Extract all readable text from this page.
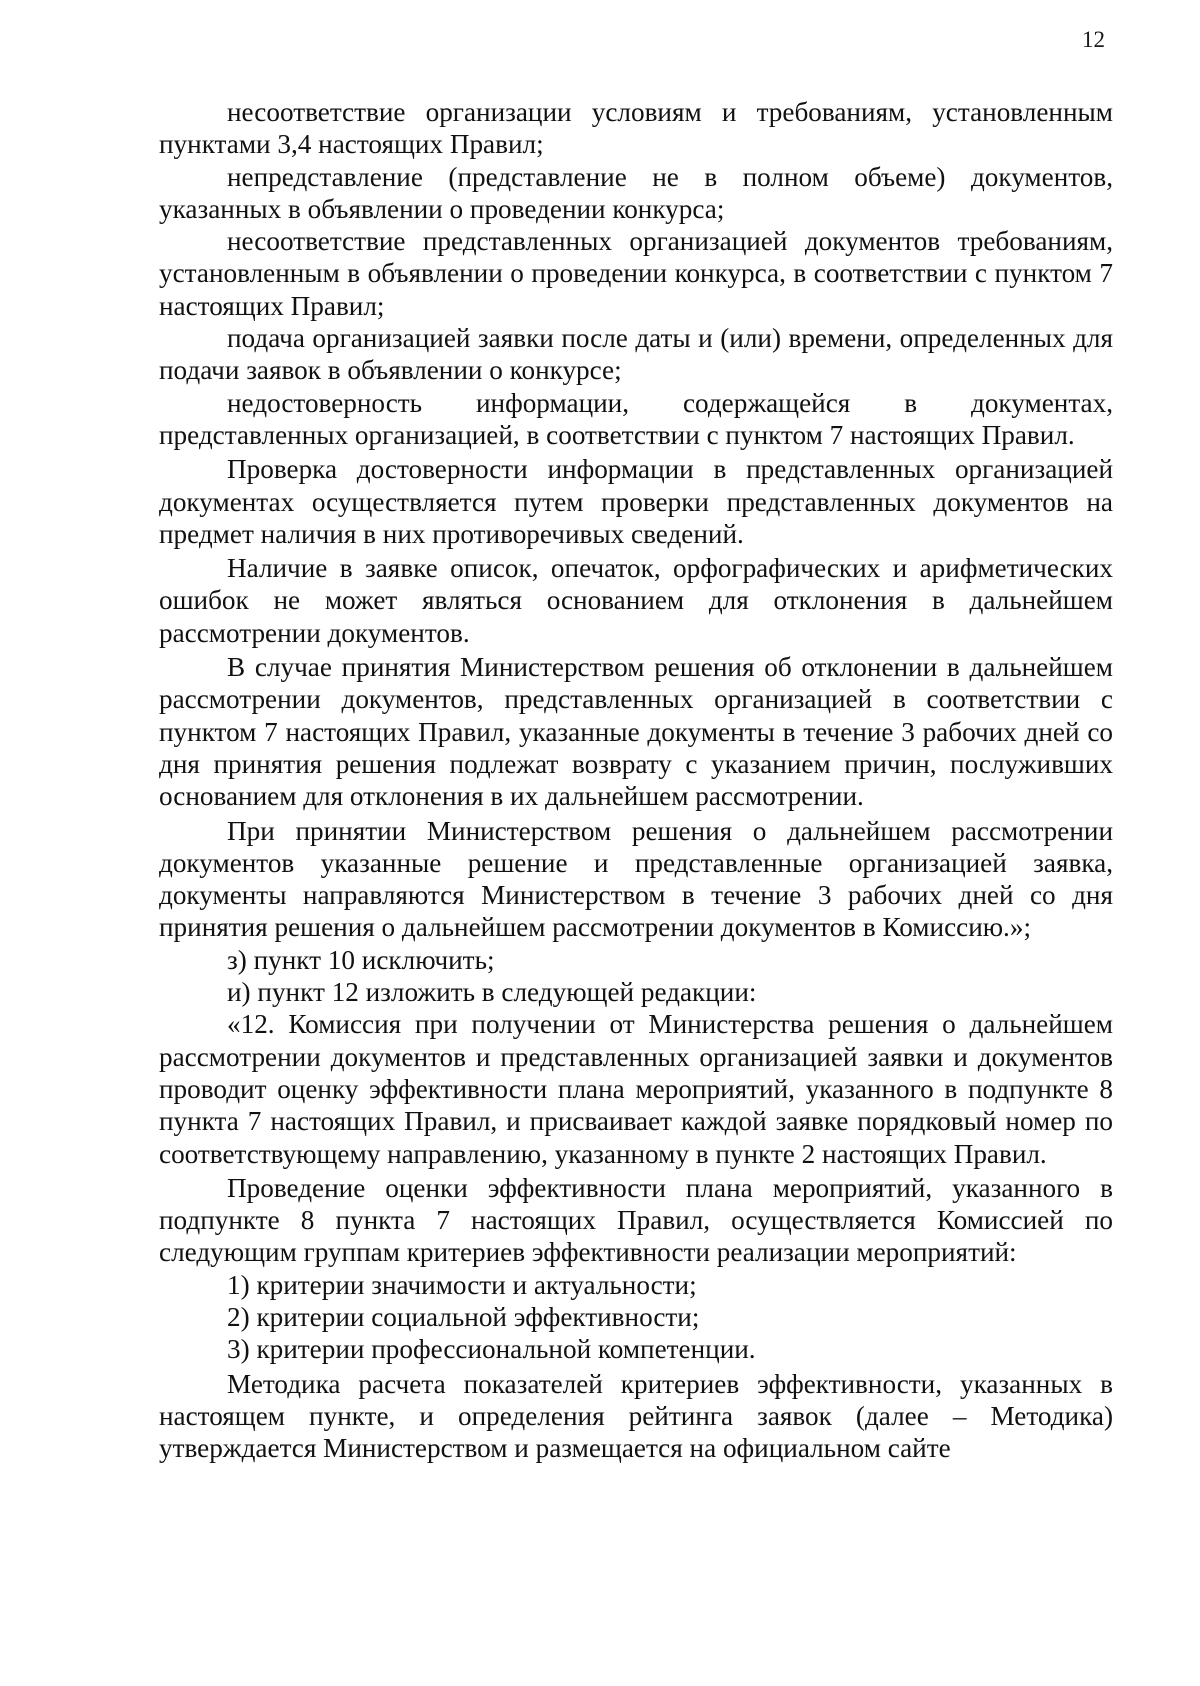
12

несоответствие организации условиям и требованиям, установленным пунктами 3,4 настоящих Правил;

непредставление (представление не в полном объеме) документов, указанных в объявлении о проведении конкурса;

несоответствие представленных организацией документов требованиям, установленным в объявлении о проведении конкурса, в соответствии с пунктом 7 настоящих Правил;

подача организацией заявки после даты и (или) времени, определенных для подачи заявок в объявлении о конкурсе;

недостоверность информации, содержащейся в документах, представленных организацией, в соответствии с пунктом 7 настоящих Правил.

Проверка достоверности информации в представленных организацией документах осуществляется путем проверки представленных документов на предмет наличия в них противоречивых сведений.

Наличие в заявке описок, опечаток, орфографических и арифметических ошибок не может являться основанием для отклонения в дальнейшем рассмотрении документов.

В случае принятия Министерством решения об отклонении в дальнейшем рассмотрении документов, представленных организацией в соответствии с пунктом 7 настоящих Правил, указанные документы в течение 3 рабочих дней со дня принятия решения подлежат возврату с указанием причин, послуживших основанием для отклонения в их дальнейшем рассмотрении.

При принятии Министерством решения о дальнейшем рассмотрении документов указанные решение и представленные организацией заявка, документы направляются Министерством в течение 3 рабочих дней со дня принятия решения о дальнейшем рассмотрении документов в Комиссию.»;

з) пункт 10 исключить;

и) пункт 12 изложить в следующей редакции:

«12. Комиссия при получении от Министерства решения о дальнейшем рассмотрении документов и представленных организацией заявки и документов проводит оценку эффективности плана мероприятий, указанного в подпункте 8 пункта 7 настоящих Правил, и присваивает каждой заявке порядковый номер по соответствующему направлению, указанному в пункте 2 настоящих Правил.

Проведение оценки эффективности плана мероприятий, указанного в подпункте 8 пункта 7 настоящих Правил, осуществляется Комиссией по следующим группам критериев эффективности реализации мероприятий:

1) критерии значимости и актуальности;

2) критерии социальной эффективности;

3) критерии профессиональной компетенции.

Методика расчета показателей критериев эффективности, указанных в настоящем пункте, и определения рейтинга заявок (далее – Методика) утверждается Министерством и размещается на официальном сайте
